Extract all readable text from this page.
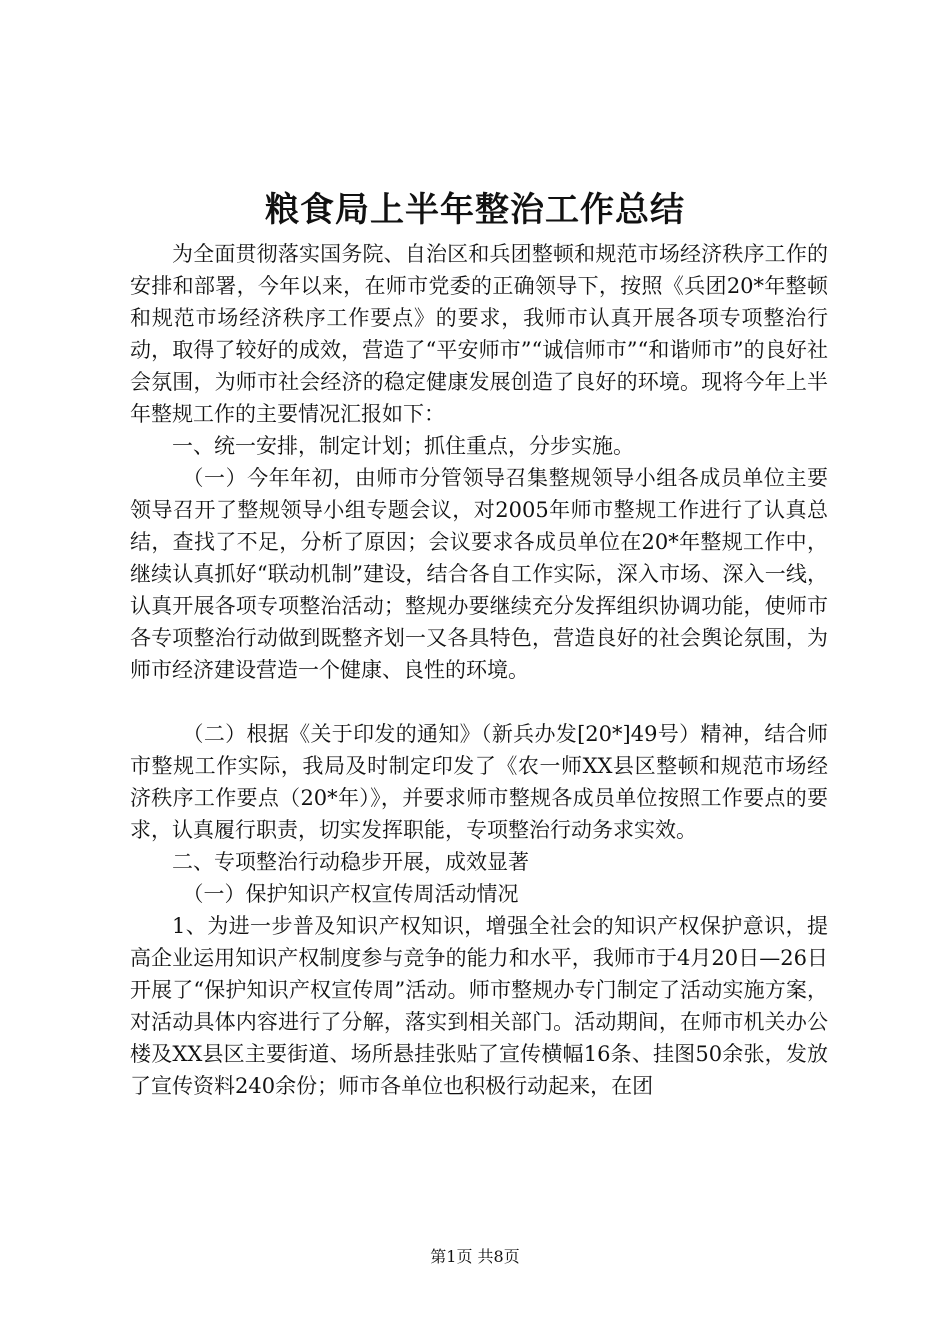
粮食局上半年整治工作总结

为全面贯彻落实国务院、自治区和兵团整顿和规范市场经济秩序工作的安排和部署，今年以来，在师市党委的正确领导下，按照《兵团20*年整顿和规范市场经济秩序工作要点》的要求，我师市认真开展各项专项整治行动，取得了较好的成效，营造了“平安师市”“诚信师市”“和谐师市”的良好社会氛围，为师市社会经济的稳定健康发展创造了良好的环境。现将今年上半年整规工作的主要情况汇报如下：

一、统一安排，制定计划；抓住重点，分步实施。

（一）今年年初，由师市分管领导召集整规领导小组各成员单位主要领导召开了整规领导小组专题会议，对2005年师市整规工作进行了认真总结，查找了不足，分析了原因；会议要求各成员单位在20*年整规工作中，继续认真抓好“联动机制”建设，结合各自工作实际，深入市场、深入一线，认真开展各项专项整治活动；整规办要继续充分发挥组织协调功能，使师市各专项整治行动做到既整齐划一又各具特色，营造良好的社会舆论氛围，为师市经济建设营造一个健康、良性的环境。

（二）根据《关于印发的通知》（新兵办发[20*]49号）精神，结合师市整规工作实际，我局及时制定印发了《农一师XX县区整顿和规范市场经济秩序工作要点（20*年）》，并要求师市整规各成员单位按照工作要点的要求，认真履行职责，切实发挥职能，专项整治行动务求实效。

二、专项整治行动稳步开展，成效显著

（一）保护知识产权宣传周活动情况

1、为进一步普及知识产权知识，增强全社会的知识产权保护意识，提高企业运用知识产权制度参与竞争的能力和水平，我师市于4月20日—26日开展了“保护知识产权宣传周”活动。师市整规办专门制定了活动实施方案，对活动具体内容进行了分解，落实到相关部门。活动期间，在师市机关办公楼及XX县区主要街道、场所悬挂张贴了宣传横幅16条、挂图50余张，发放了宣传资料240余份；师市各单位也积极行动起来，在团

第1页 共8页
